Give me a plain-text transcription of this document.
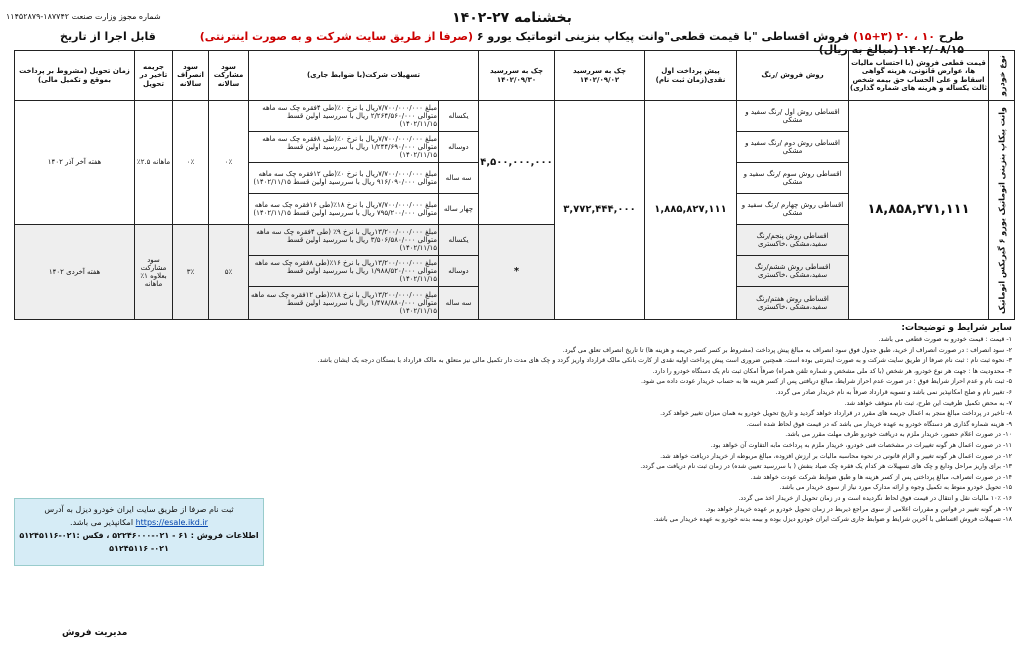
بخشنامه ۲۷-۱۴۰۲
شماره مجوز وزارت صنعت ۱۸۷۷۴۲-۱۱۴۵۲۸۷۹
طرح ۱۰ ، ۲۰ (۳+۱۵) فروش اقساطی "با قیمت قطعی"وانت پیکاپ بنزینی اتوماتیک یورو ۶ (صرفا از طریق سایت شرکت و به صورت اینترنتی) قابل اجرا از تاریخ ۱۴۰۲/۰۸/۱۵ (مبالغ به ریال)
نوع خودرو	قیمت قطعی فروش (با احتساب مالیات ها، عوارض قانونی، هزینه گواهی اسقاط و علی الحساب حق بیمه شخص ثالث یکساله و هزینه های شماره گذاری)	روش فروش /رنگ	پیش پرداخت اول نقدی(زمان ثبت نام)	چک به سررسید ۱۴۰۲/۰۹/۰۲	چک به سررسید ۱۴۰۲/۰۹/۳۰	تسهیلات شرکت(با ضوابط جاری)		سود مشارکت سالانه	سود انصراف سالانه	جریمه تاخیر در تحویل	زمان تحویل (مشروط بر پرداخت بموقع و تکمیل مالی)
وانت پیکاپ بنزینی اتوماتیک یورو ۶ گیربکس اتوماتیک	۱۸,۸۵۸,۲۷۱,۱۱۱	اقساطی روش اول /رنگ سفید و مشکی	۱,۸۸۵,۸۲۷,۱۱۱	۳,۷۷۲,۴۴۴,۰۰۰	۴,۵۰۰,۰۰۰,۰۰۰	یکساله	مبلغ ۷/۷۰۰/۰۰۰/۰۰۰ریال با نرخ ۰٪(طی ۴فقره چک سه ماهه متوالی ۲/۲۶۴/۵۶۰/۰۰۰ ریال با سررسید اولین قسط ۱۴۰۲/۱۱/۱۵)	۰٪	۰٪	ماهانه ۲.۵٪	هفته آخر آذر ۱۴۰۲
		اقساطی روش دوم /رنگ سفید و مشکی				دوساله	مبلغ ۷/۷۰۰/۰۰۰/۰۰۰ریال با نرخ ۰٪(طی ۸فقره چک سه ماهه متوالی ۱/۲۴۴/۶۹۰/۰۰۰ ریال با سررسید اولین قسط ۱۴۰۲/۱۱/۱۵)				
		اقساطی روش سوم /رنگ سفید و مشکی				سه ساله	مبلغ ۷/۷۰۰/۰۰۰/۰۰۰ریال با نرخ ۰٪(طی ۱۲فقره چک سه ماهه متوالی ۹۱۶/۰۹۰/۰۰۰ ریال با سررسید اولین قسط ۱۴۰۲/۱۱/۱۵)				
		اقساطی روش چهارم /رنگ سفید و مشکی				چهار ساله	مبلغ ۷/۷۰۰/۰۰۰/۰۰۰ریال با نرخ ۱۸٪(طی ۱۶فقره چک سه ماهه متوالی ۷۹۵/۲۰۰/۰۰۰ ریال با سررسید اولین قسط ۱۴۰۲/۱۱/۱۵)				
		اقساطی روش پنجم/رنگ سفید،مشکی ،خاکستری			*	یکساله	مبلغ ۱۳/۲۰۰/۰۰۰/۰۰۰ریال با نرخ ۹٪ (طی ۴فقره چک سه ماهه متوالی ۳/۵۰۶/۵۸۰/۰۰۰ ریال با سررسید اولین قسط ۱۴۰۲/۱۱/۱۵)	۵٪	۳٪	سود مشارکت بعلاوه ۱٪ ماهانه	هفته آخردی ۱۴۰۲
		اقساطی روش ششم/رنگ سفید،مشکی ،خاکستری				دوساله	مبلغ ۱۳/۲۰۰/۰۰۰/۰۰۰ریال با نرخ ۱۶٪(طی ۸فقره چک سه ماهه متوالی ۱/۹۸۸/۵۲۰/۰۰۰ ریال با سررسید اولین قسط ۱۴۰۲/۱۱/۱۵)				
		اقساطی روش هفتم/رنگ سفید،مشکی ،خاکستری				سه ساله	مبلغ ۱۳/۲۰۰/۰۰۰/۰۰۰ریال با نرخ ۱۸٪(طی ۱۲فقره چک سه ماهه متوالی ۱/۴۷۸/۸۸۰/۰۰۰ ریال با سررسید اولین قسط ۱۴۰۲/۱۱/۱۵)				
سایر شرایط و توضیحات:
۱- قیمت : قیمت خودرو به صورت قطعی می باشد.
۲- سود انصراف : در صورت انصراف از خرید، طبق جدول فوق سود انصراف به مبالغ پیش پرداخت (مشروط بر کسر کسر جریمه و هزینه ها) تا تاریخ انصراف تعلق می گیرد.
۳- نحوه ثبت نام : ثبت نام صرفا از طریق سایت شرکت و به صورت اینترنتی بوده است. همچنین ضروری است پیش پرداخت اولیه نقدی از کارت بانکی مالک قرارداد واریز گردد و چک های مدت دار تکمیل مالی نیز متعلق به مالک قرارداد با بستگان درجه یک ایشان باشد.
۴- محدودیت ها : جهت هر نوع خودرو، هر شخص (با کد ملی مشخص و شماره تلفن همراه) صرفاً امکان ثبت نام یک دستگاه خودرو را دارد.
۵- ثبت نام و عدم احراز شرایط فوق : در صورت عدم احراز شرایط، مبالغ دریافتی پس از کسر هزینه ها به حساب خریدار عودت داده می شود.
۶- تغییر نام و صلح امکانپذیر نمی باشد و تسویه قرارداد صرفاً به نام خریدار صادر می گردد.
۷- به محض تکمیل ظرفیت این طرح، ثبت نام متوقف خواهد شد.
۸- تاخیر در پرداخت مبالغ منجر به اعمال جریمه های مقرر در قرارداد خواهد گردید و تاریخ تحویل خودرو به همان میزان تغییر خواهد کرد.
۹- هزینه شماره گذاری هر دستگاه خودرو به عهده خریدار می باشد که در قیمت فوق لحاظ شده است.
۱۰- در صورت اعلام حضور، خریدار ملزم به دریافت خودرو ظرف مهلت مقرر می باشد.
۱۱- در صورت اعمال هر گونه تغییرات در مشخصات فنی خودرو، خریدار ملزم به پرداخت مابه التفاوت آن خواهد بود.
۱۲- در صورت اعمال هر گونه تغییر و الزام قانونی در نحوه محاسبه مالیات بر ارزش افزوده، مبالغ مربوطه از خریدار دریافت خواهد شد.
۱۳- برای واریز مراحل ودایع و چک های تسهیلات هر کدام یک فقره چک صیاد بنفش ( با سررسید تعیین شده) در زمان ثبت نام دریافت می گردد.
۱۴- در صورت انصراف، مبالغ پرداختی پس از کسر هزینه ها و طبق ضوابط شرکت عودت خواهد شد.
۱۵- تحویل خودرو منوط به تکمیل وجوه و ارائه مدارک مورد نیاز از سوی خریدار می باشد.
۱۶- ۱۰٪ مالیات نقل و انتقال در قیمت فوق لحاظ نگردیده است و در زمان تحویل از خریدار اخذ می گردد.
۱۷- هر گونه تغییر در قوانین و مقررات اعلامی از سوی مراجع ذیربط در زمان تحویل خودرو بر عهده خریدار خواهد بود.
۱۸- تسهیلات فروش اقساطی با آخرین شرایط و ضوابط جاری شرکت ایران خودرو دیزل بوده و بیمه بدنه خودرو به عهده خریدار می باشد.
ثبت نام صرفا از طریق سایت ایران خودرو دیزل به آدرس https://esale.ikd.ir امکانپذیر می باشد.
اطلاعات فروش : ۶۱ - ۰۲۱-۵۲۲۴۶۰۰۰ ، فکس :۰۲۱-۵۱۲۴۵۱۱۶
۰۲۱- ۵۱۲۴۵۱۱۶
مدیریت فروش
